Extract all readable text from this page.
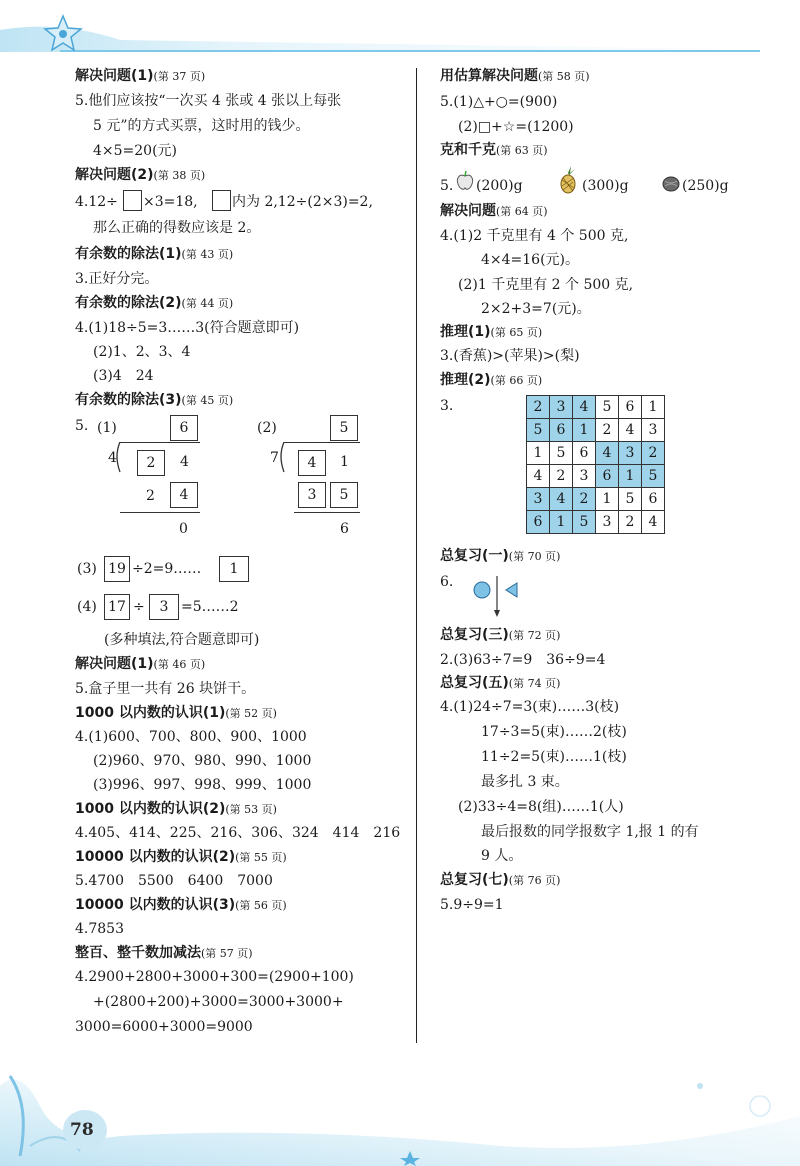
解决问题(1)(第 37 页)
5.他们应该按“一次买 4 张或 4 张以上每张
5 元”的方式买票，这时用的钱少。
4×5=20(元)
解决问题(2)(第 38 页)
4.12÷ ×3=18, 内为 2,12÷(2×3)=2,
那么正确的得数应该是 2。
有余数的除法(1)(第 43 页)
3.正好分完。
有余数的除法(2)(第 44 页)
4.(1)18÷5=3……3(符合题意即可)
(2)1、2、3、4
(3)4　24
有余数的除法(3)(第 45 页)
5. (1)	6
4	2	4
2	4
0
(2)	5
7	4	1
3	5
6
(3) 19 ÷2=9……	1
(4) 17 ÷	3 =5……2
(多种填法,符合题意即可)
解决问题(1)(第 46 页)
5.盒子里一共有 26 块饼干。
1000 以内数的认识(1)(第 52 页)
4.(1)600、700、800、900、1000
(2)960、970、980、990、1000
(3)996、997、998、999、1000
1000 以内数的认识(2)(第 53 页)
4.405、414、225、216、306、324　414　216
10000 以内数的认识(2)(第 55 页)
5.4700　5500　6400　7000
10000 以内数的认识(3)(第 56 页)
4.7853
整百、整千数加减法(第 57 页)
4.2900+2800+3000+300=(2900+100)
+(2800+200)+3000=3000+3000+
3000=6000+3000=9000
用估算解决问题(第 58 页)
5.(1)△+○=(900)
(2)□+☆=(1200)
克和千克(第 63 页)
5. (200)g	(300)g	(250)g
解决问题(第 64 页)
4.(1)2 千克里有 4 个 500 克,
4×4=16(元)。
(2)1 千克里有 2 个 500 克,
2×2+3=7(元)。
推理(1)(第 65 页)
3.(香蕉)>(苹果)>(梨)
推理(2)(第 66 页)
3.	2	3	4	5	6	1
5	6	1	2	4	3
1	5	6	4	3	2
4	2	3	6	1	5
3	4	2	1	5	6
6	1	5	3	2	4
总复习(一)(第 70 页)
6.
总复习(三)(第 72 页)
2.(3)63÷7=9　36÷9=4
总复习(五)(第 74 页)
4.(1)24÷7=3(束)……3(枝)
17÷3=5(束)……2(枝)
11÷2=5(束)……1(枝)
最多扎 3 束。
(2)33÷4=8(组)……1(人)
最后报数的同学报数字 1,报 1 的有
9 人。
总复习(七)(第 76 页)
5.9÷9=1
78
